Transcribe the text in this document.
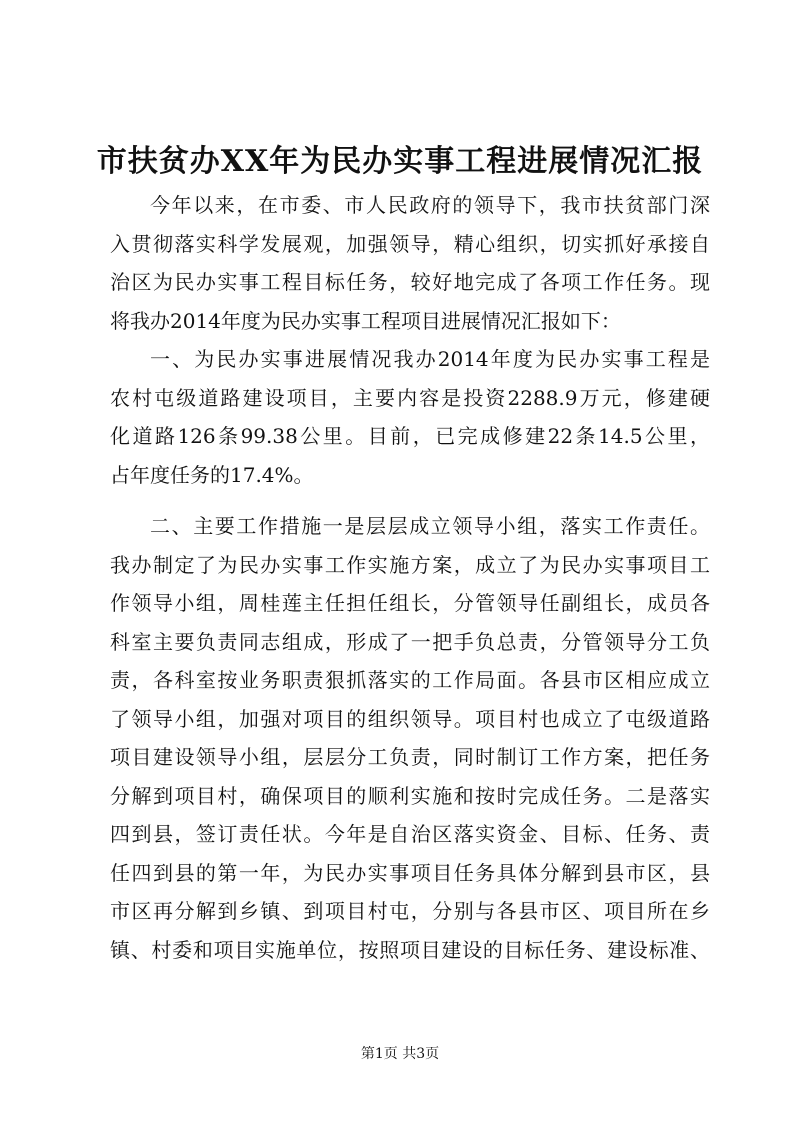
市扶贫办XX年为民办实事工程进展情况汇报
今年以来，在市委、市人民政府的领导下，我市扶贫部门深
入贯彻落实科学发展观，加强领导，精心组织，切实抓好承接自
治区为民办实事工程目标任务，较好地完成了各项工作任务。现
将我办2014年度为民办实事工程项目进展情况汇报如下：
一、为民办实事进展情况我办2014年度为民办实事工程是
农村屯级道路建设项目，主要内容是投资2288.9万元，修建硬
化道路126条99.38公里。目前，已完成修建22条14.5公里，
占年度任务的17.4%。
二、主要工作措施一是层层成立领导小组，落实工作责任。
我办制定了为民办实事工作实施方案，成立了为民办实事项目工
作领导小组，周桂莲主任担任组长，分管领导任副组长，成员各
科室主要负责同志组成，形成了一把手负总责，分管领导分工负
责，各科室按业务职责狠抓落实的工作局面。各县市区相应成立
了领导小组，加强对项目的组织领导。项目村也成立了屯级道路
项目建设领导小组，层层分工负责，同时制订工作方案，把任务
分解到项目村，确保项目的顺利实施和按时完成任务。二是落实
四到县，签订责任状。今年是自治区落实资金、目标、任务、责
任四到县的第一年，为民办实事项目任务具体分解到县市区，县
市区再分解到乡镇、到项目村屯，分别与各县市区、项目所在乡
镇、村委和项目实施单位，按照项目建设的目标任务、建设标准、
第1页 共3页
